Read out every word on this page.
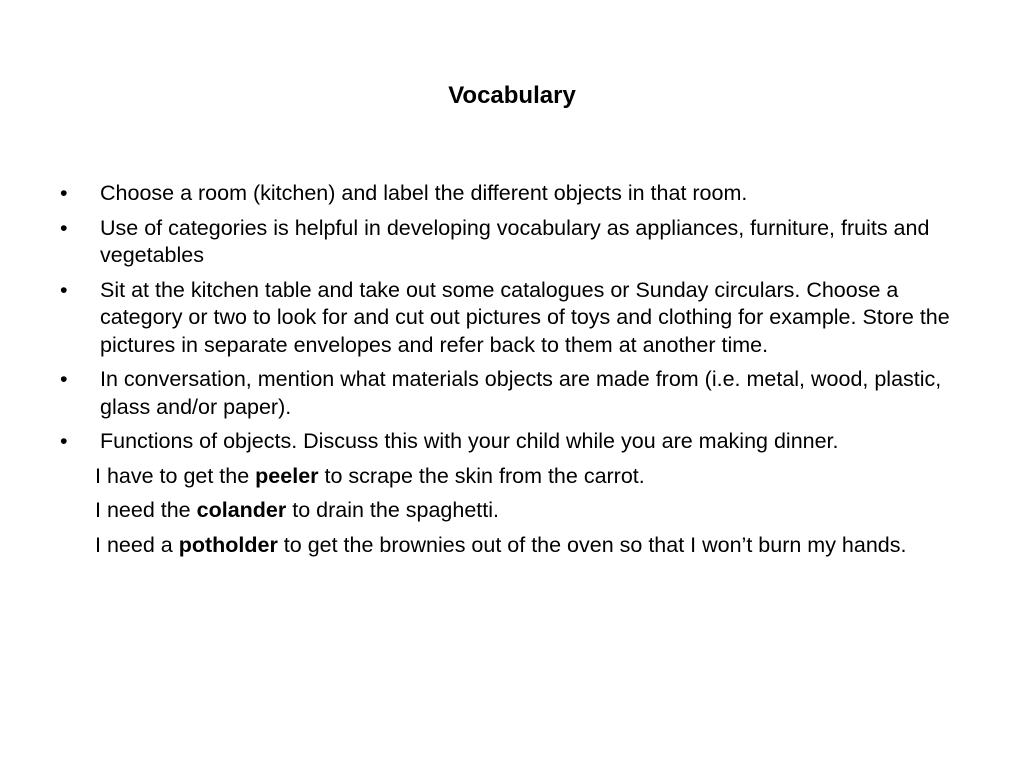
Vocabulary
• Choose a room (kitchen) and label the different objects in that room.
• Use of categories is helpful in developing vocabulary as appliances, furniture, fruits and vegetables
• Sit at the kitchen table and take out some catalogues or Sunday circulars. Choose a category or two to look for and cut out pictures of toys and clothing for example. Store the pictures in separate envelopes and refer back to them at another time.
• In conversation, mention what materials objects are made from (i.e. metal, wood, plastic, glass and/or paper).
• Functions of objects. Discuss this with your child while you are making dinner.
I have to get the peeler to scrape the skin from the carrot.
I need the colander to drain the spaghetti.
I need a potholder to get the brownies out of the oven so that I won’t burn my hands.
